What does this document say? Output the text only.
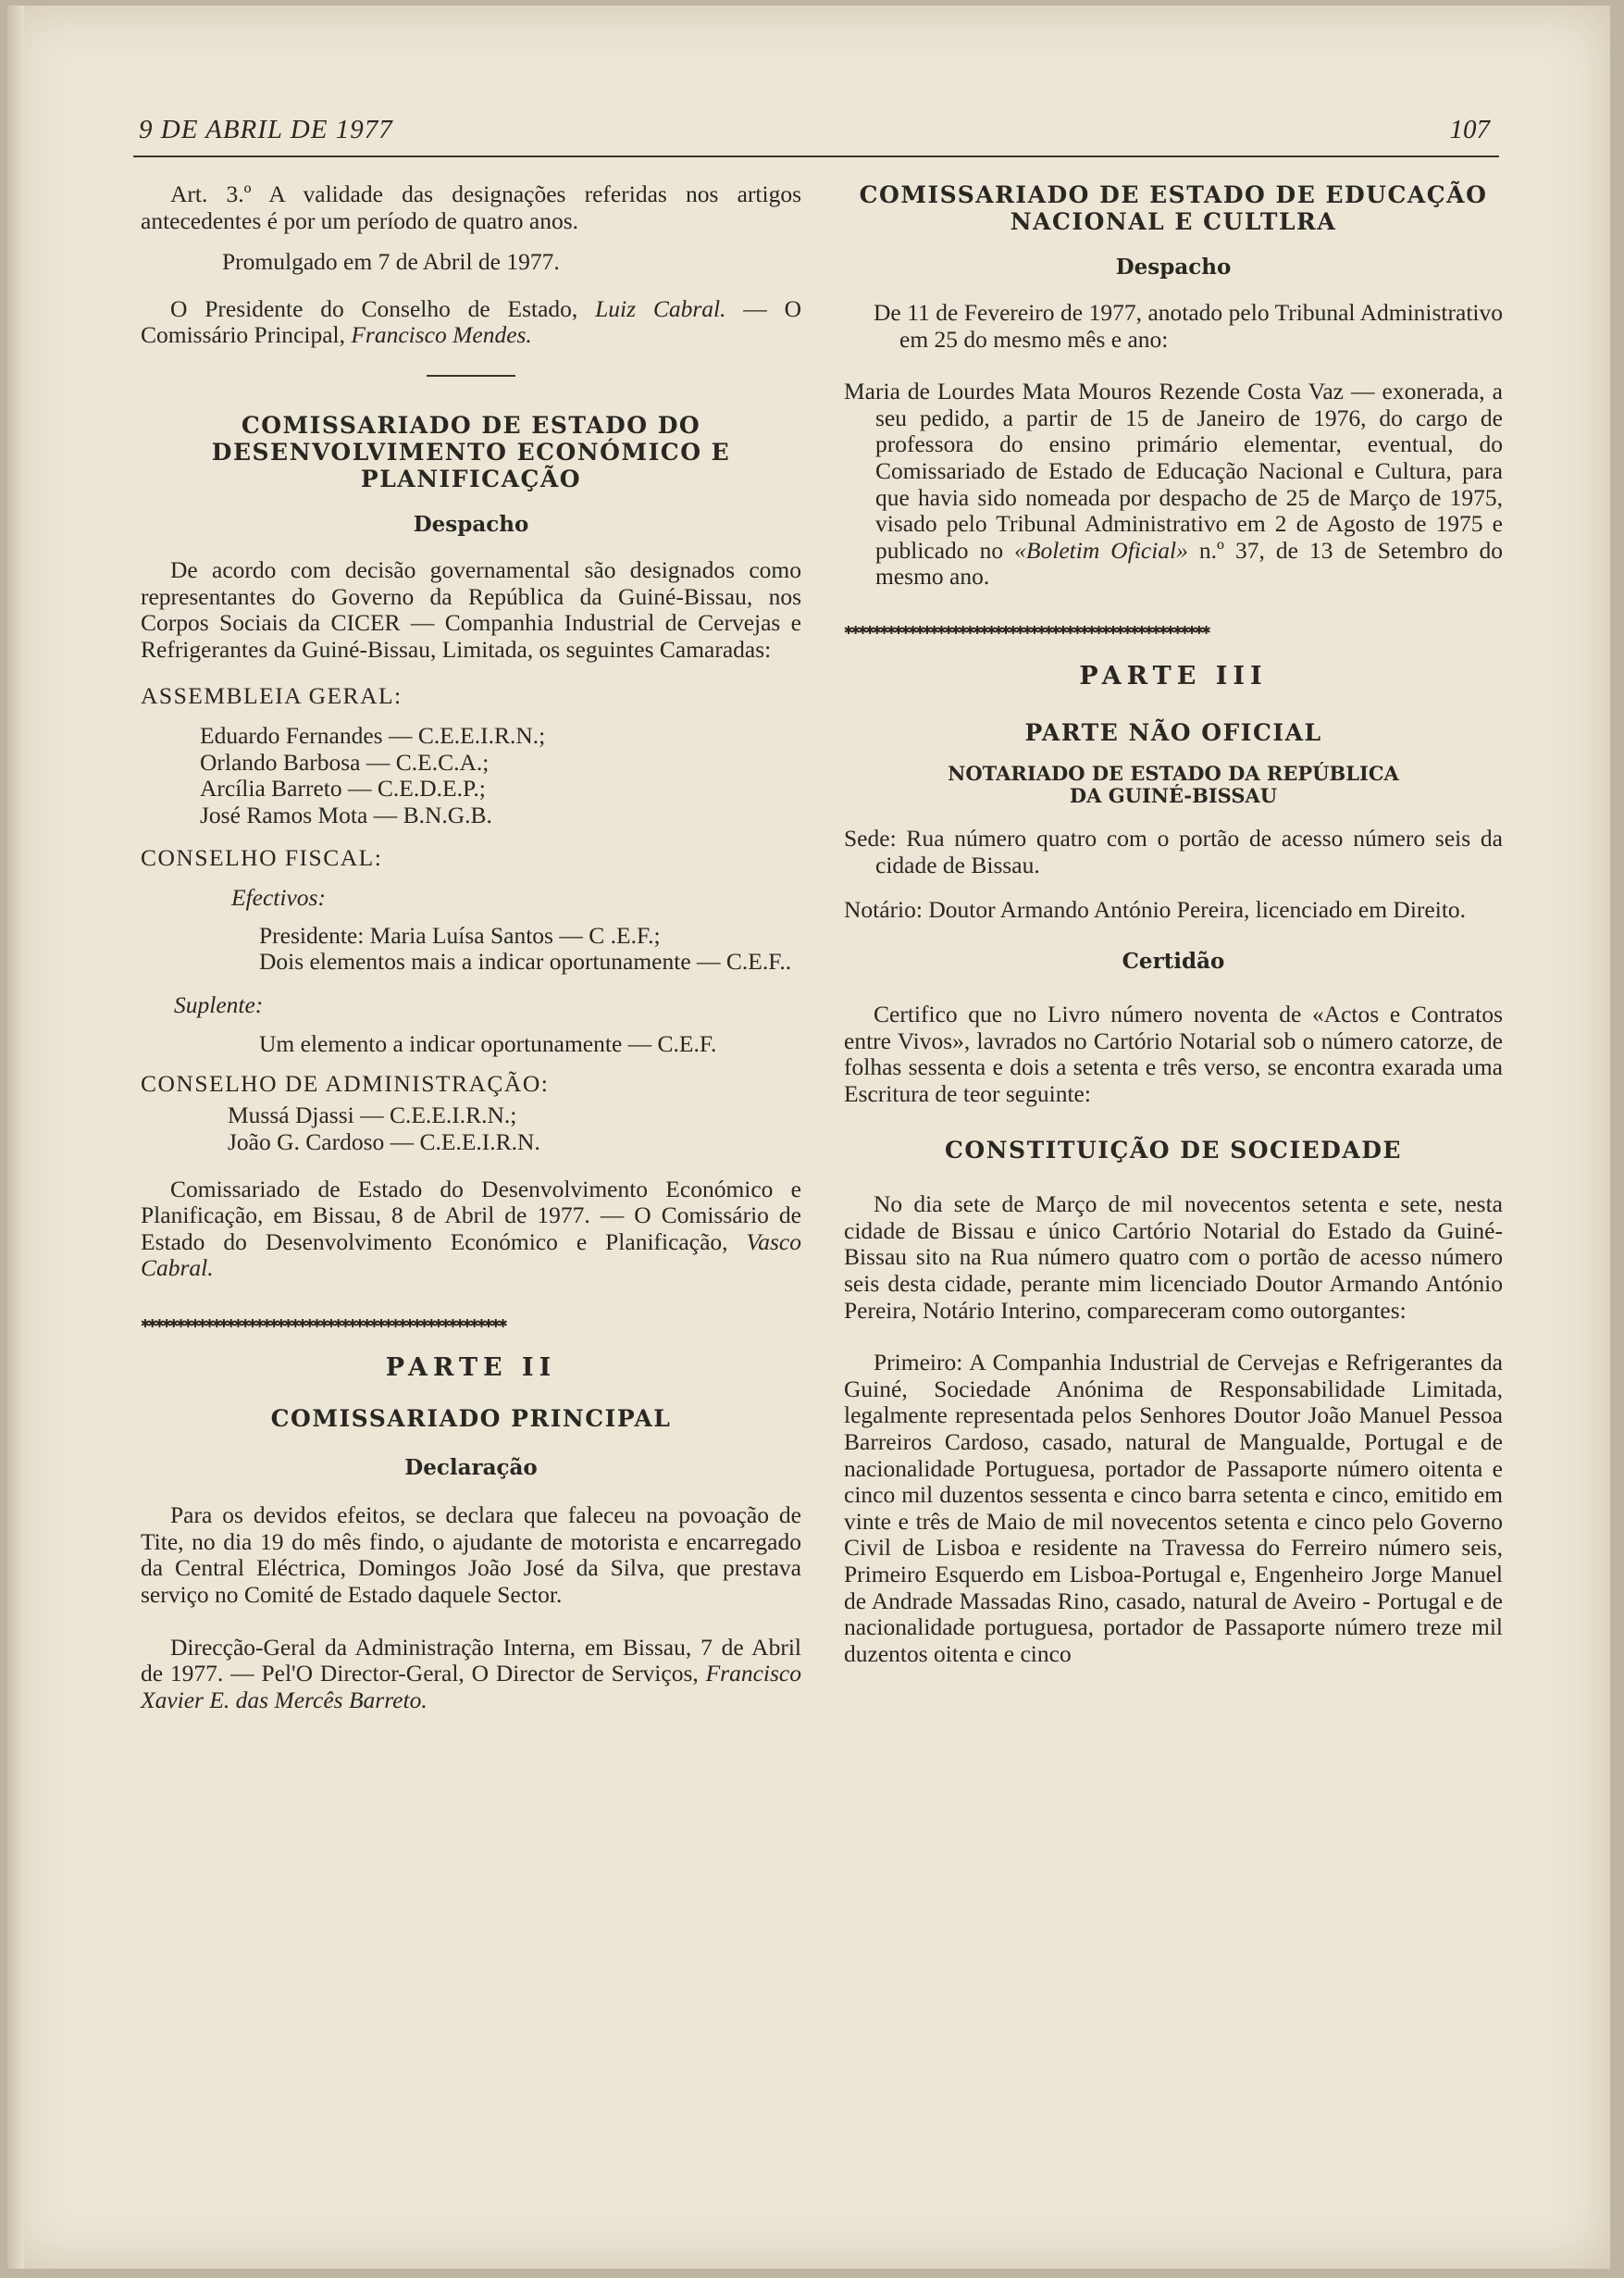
9 DE ABRIL DE 1977	107

Art. 3.º A validade das designações referidas nos artigos antecedentes é por um período de quatro anos.

Promulgado em 7 de Abril de 1977.

O Presidente do Conselho de Estado, Luiz Cabral. — O Comissário Principal, Francisco Mendes.

COMISSARIADO DE ESTADO DO DESENVOLVIMENTO ECONÓMICO E PLANIFICAÇÃO

Despacho

De acordo com decisão governamental são designados como representantes do Governo da República da Guiné-Bissau, nos Corpos Sociais da CICER — Companhia Industrial de Cervejas e Refrigerantes da Guiné-Bissau, Limitada, os seguintes Camaradas:

ASSEMBLEIA GERAL:

Eduardo Fernandes — C.E.E.I.R.N.;

Orlando Barbosa — C.E.C.A.;

Arcília Barreto — C.E.D.E.P.;

José Ramos Mota — B.N.G.B.

CONSELHO FISCAL:

Efectivos:

Presidente: Maria Luísa Santos — C .E.F.;

Dois elementos mais a indicar oportunamente — C.E.F..

Suplente:

Um elemento a indicar oportunamente — C.E.F.

CONSELHO DE ADMINISTRAÇÃO:

Mussá Djassi — C.E.E.I.R.N.;

João G. Cardoso — C.E.E.I.R.N.

Comissariado de Estado do Desenvolvimento Económico e Planificação, em Bissau, 8 de Abril de 1977. — O Comissário de Estado do Desenvolvimento Económico e Planificação, Vasco Cabral.

✱✱✱✱✱✱✱✱✱✱✱✱✱✱✱✱✱✱✱✱✱✱✱✱✱✱✱✱✱✱✱✱✱✱✱✱✱✱✱✱✱✱✱✱✱✱✱✱✱✱✱

PARTE II

COMISSARIADO PRINCIPAL

Declaração

Para os devidos efeitos, se declara que faleceu na povoação de Tite, no dia 19 do mês findo, o ajudante de motorista e encarregado da Central Eléctrica, Domingos João José da Silva, que prestava serviço no Comité de Estado daquele Sector.

Direcção-Geral da Administração Interna, em Bissau, 7 de Abril de 1977. — Pel'O Director-Geral, O Director de Serviços, Francisco Xavier E. das Mercês Barreto.

COMISSARIADO DE ESTADO DE EDUCAÇÃO NACIONAL E CULTLRA

Despacho

De 11 de Fevereiro de 1977, anotado pelo Tribunal Administrativo em 25 do mesmo mês e ano:

Maria de Lourdes Mata Mouros Rezende Costa Vaz — exonerada, a seu pedido, a partir de 15 de Janeiro de 1976, do cargo de professora do ensino primário elementar, eventual, do Comissariado de Estado de Educação Nacional e Cultura, para que havia sido nomeada por despacho de 25 de Março de 1975, visado pelo Tribunal Administrativo em 2 de Agosto de 1975 e publicado no «Boletim Oficial» n.º 37, de 13 de Setembro do mesmo ano.

✱✱✱✱✱✱✱✱✱✱✱✱✱✱✱✱✱✱✱✱✱✱✱✱✱✱✱✱✱✱✱✱✱✱✱✱✱✱✱✱✱✱✱✱✱✱✱✱✱✱✱

PARTE III

PARTE NÃO OFICIAL

NOTARIADO DE ESTADO DA REPÚBLICA
DA GUINÉ-BISSAU

Sede: Rua número quatro com o portão de acesso número seis da cidade de Bissau.

Notário: Doutor Armando António Pereira, licenciado em Direito.

Certidão

Certifico que no Livro número noventa de «Actos e Contratos entre Vivos», lavrados no Cartório Notarial sob o número catorze, de folhas sessenta e dois a setenta e três verso, se encontra exarada uma Escritura de teor seguinte:

CONSTITUIÇÃO DE SOCIEDADE

No dia sete de Março de mil novecentos setenta e sete, nesta cidade de Bissau e único Cartório Notarial do Estado da Guiné-Bissau sito na Rua número quatro com o portão de acesso número seis desta cidade, perante mim licenciado Doutor Armando António Pereira, Notário Interino, compareceram como outorgantes:

Primeiro: A Companhia Industrial de Cervejas e Refrigerantes da Guiné, Sociedade Anónima de Responsabilidade Limitada, legalmente representada pelos Senhores Doutor João Manuel Pessoa Barreiros Cardoso, casado, natural de Mangualde, Portugal e de nacionalidade Portuguesa, portador de Passaporte número oitenta e cinco mil duzentos sessenta e cinco barra setenta e cinco, emitido em vinte e três de Maio de mil novecentos setenta e cinco pelo Governo Civil de Lisboa e residente na Travessa do Ferreiro número seis, Primeiro Esquerdo em Lisboa-Portugal e, Engenheiro Jorge Manuel de Andrade Massadas Rino, casado, natural de Aveiro - Portugal e de nacionalidade portuguesa, portador de Passaporte número treze mil duzentos oitenta e cinco
